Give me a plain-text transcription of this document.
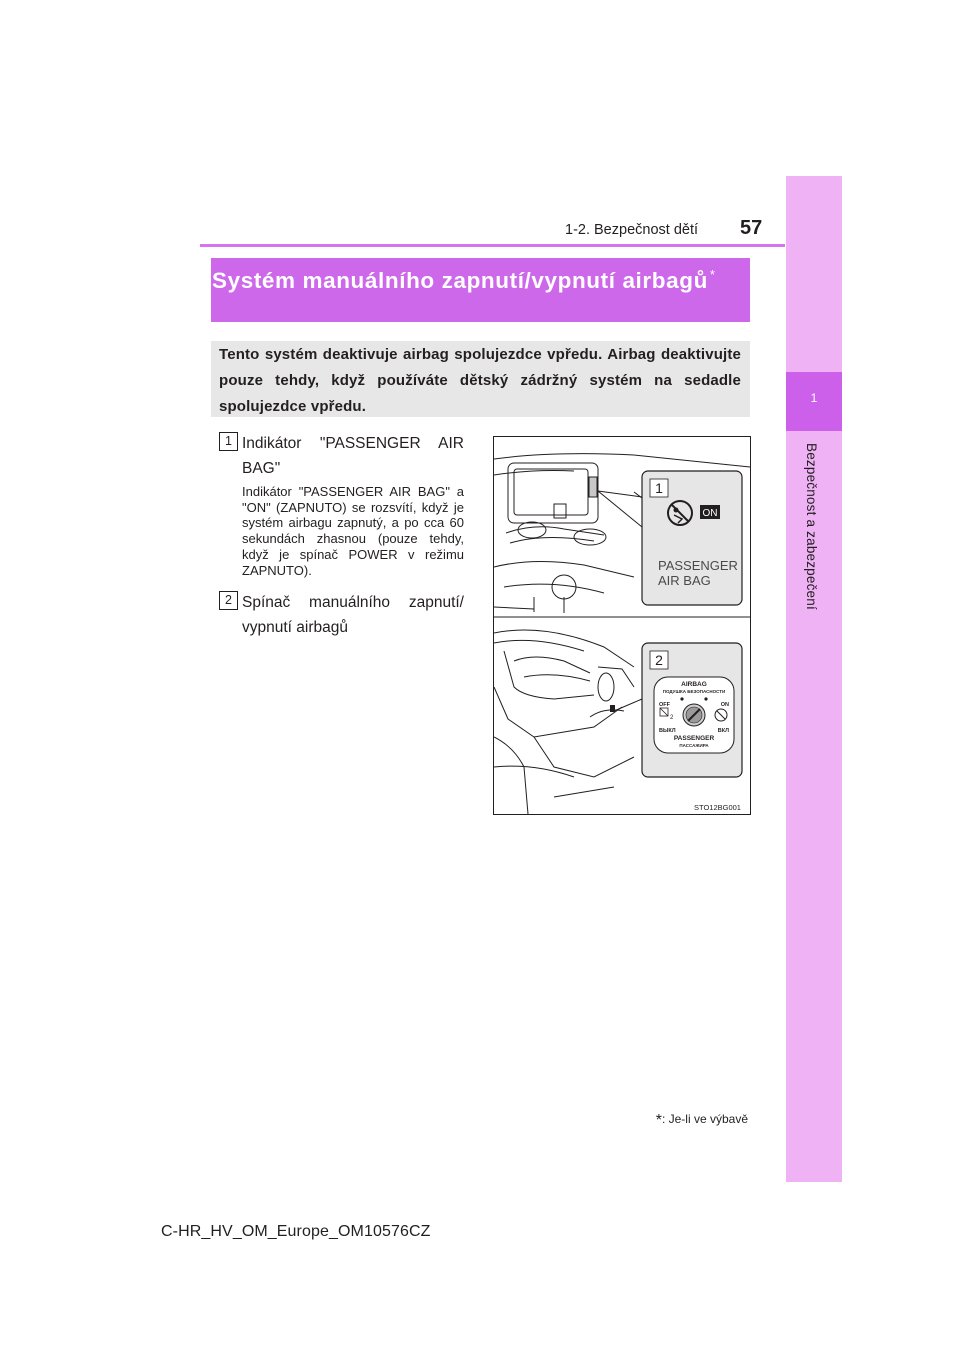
1
Bezpečnost a zabezpečení
1-2. Bezpečnost dětí 57
Systém manuálního zapnutí/vypnutí airbagů *
Tento systém deaktivuje airbag spolujezdce vpředu. Airbag deaktivujte pouze tehdy, když používáte dětský zádržný systém na sedadle spolujezdce vpředu.
1 Indikátor "PASSENGER AIR BAG"
Indikátor "PASSENGER AIR BAG" a "ON" (ZAPNUTO) se rozsvítí, když je systém airbagu zapnutý, a po cca 60 sekundách zhasnou (pouze tehdy, když je spínač POWER v režimu ZAPNUTO).
2 Spínač manuálního zapnutí/ vypnutí airbagů
1
ON
PASSENGER
AIR BAG
2
AIRBAG
ПОДУШКА БЕЗОПАСНОСТИ
OFF	ON
2
ВЫКЛ	ВКЛ
PASSENGER
ПАССАЖИРА
STO12BG001
*: Je-li ve výbavě
C-HR_HV_OM_Europe_OM10576CZ
